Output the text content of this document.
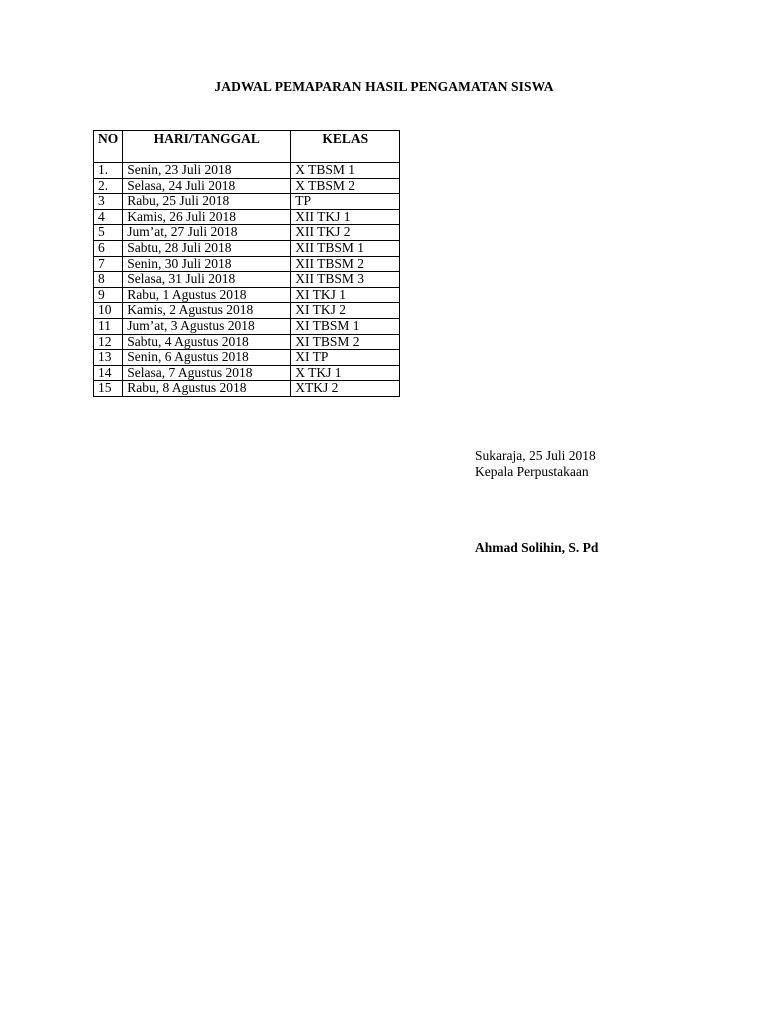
JADWAL PEMAPARAN HASIL PENGAMATAN SISWA
NO	HARI/TANGGAL	KELAS
1.	Senin, 23 Juli 2018	X TBSM 1
2.	Selasa, 24 Juli 2018	X TBSM 2
3	Rabu, 25 Juli 2018	TP
4	Kamis, 26 Juli 2018	XII TKJ 1
5	Jum’at, 27 Juli 2018	XII TKJ 2
6	Sabtu, 28 Juli 2018	XII TBSM 1
7	Senin, 30 Juli 2018	XII TBSM 2
8	Selasa, 31 Juli 2018	XII TBSM 3
9	Rabu, 1 Agustus 2018	XI TKJ 1
10	Kamis, 2 Agustus 2018	XI TKJ 2
11	Jum’at, 3 Agustus 2018	XI TBSM 1
12	Sabtu, 4 Agustus 2018	XI TBSM 2
13	Senin, 6 Agustus 2018	XI TP
14	Selasa, 7 Agustus 2018	X TKJ 1
15	Rabu, 8 Agustus 2018	XTKJ 2
Sukaraja, 25 Juli 2018
Kepala Perpustakaan
Ahmad Solihin, S. Pd
